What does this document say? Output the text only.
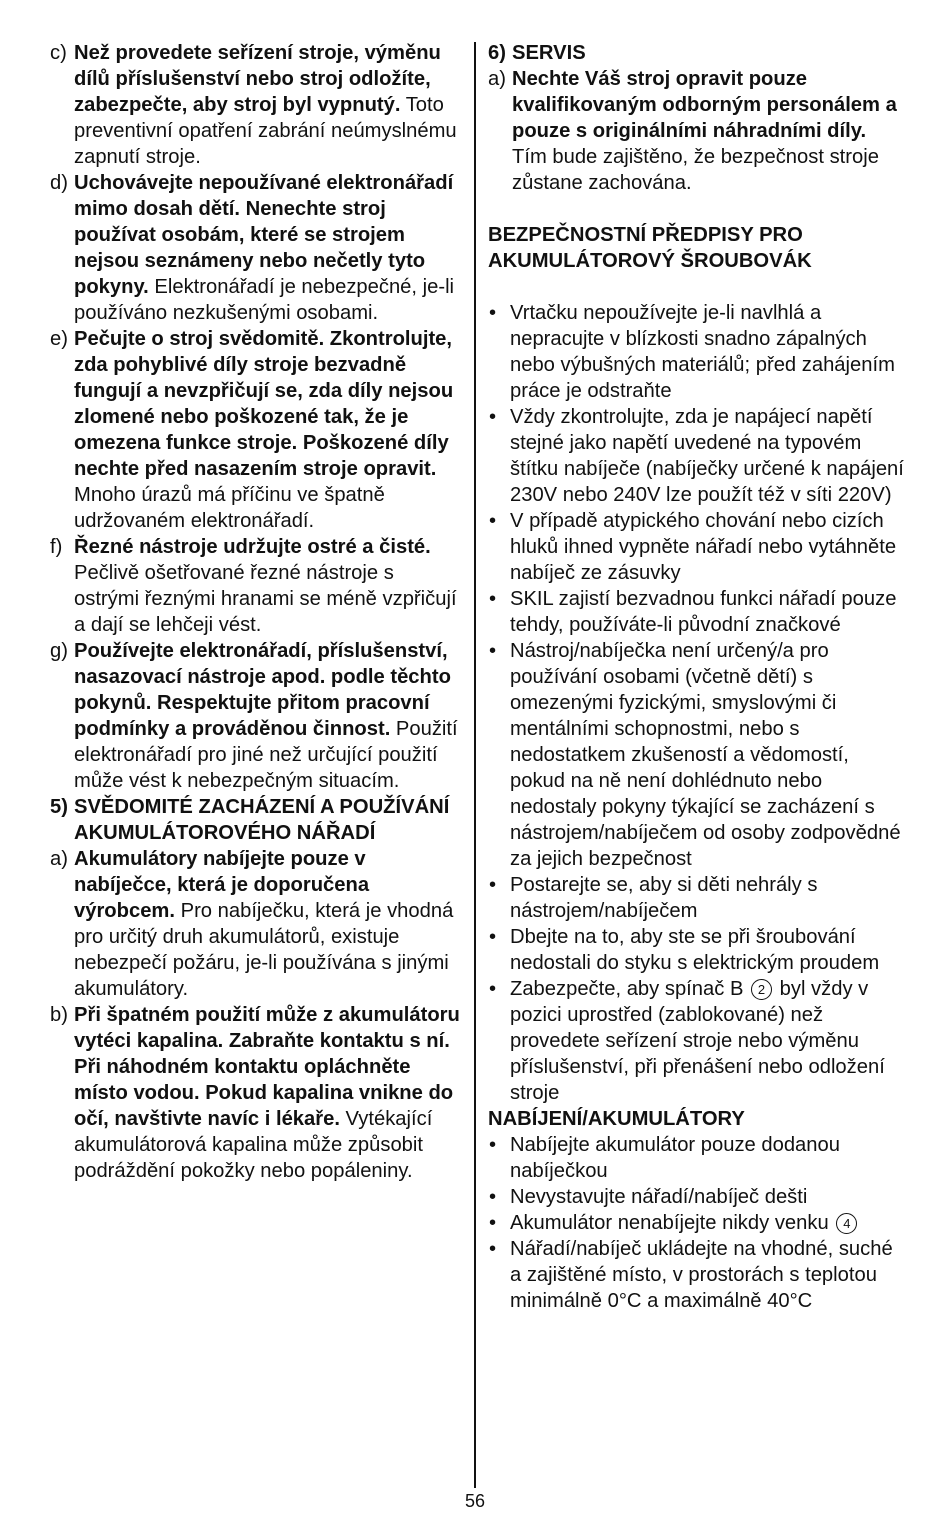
c) Než provedete seřízení stroje, výměnu dílů příslušenství nebo stroj odložíte, zabezpečte, aby stroj byl vypnutý. Toto preventivní opatření zabrání neúmyslnému zapnutí stroje.
d) Uchovávejte nepoužívané elektronářadí mimo dosah dětí. Nenechte stroj používat osobám, které se strojem nejsou seznámeny nebo nečetly tyto pokyny. Elektronářadí je nebezpečné, je-li používáno nezkušenými osobami.
e) Pečujte o stroj svědomitě. Zkontrolujte, zda pohyblivé díly stroje bezvadně fungují a nevzpřičují se, zda díly nejsou zlomené nebo poškozené tak, že je omezena funkce stroje. Poškozené díly nechte před nasazením stroje opravit. Mnoho úrazů má příčinu ve špatně udržovaném elektronářadí.
f) Řezné nástroje udržujte ostré a čisté. Pečlivě ošetřované řezné nástroje s ostrými řeznými hranami se méně vzpřičují a dají se lehčeji vést.
g) Používejte elektronářadí, příslušenství, nasazovací nástroje apod. podle těchto pokynů. Respektujte přitom pracovní podmínky a prováděnou činnost. Použití elektronářadí pro jiné než určující použití může vést k nebezpečným situacím.
5) SVĚDOMITÉ ZACHÁZENÍ A POUŽÍVÁNÍ AKUMULÁTOROVÉHO NÁŘADÍ
a) Akumulátory nabíjejte pouze v nabíječce, která je doporučena výrobcem. Pro nabíječku, která je vhodná pro určitý druh akumulátorů, existuje nebezpečí požáru, je-li používána s jinými akumulátory.
b) Při špatném použití může z akumulátoru vytéci kapalina. Zabraňte kontaktu s ní.
Při náhodném kontaktu opláchněte místo vodou. Pokud kapalina vnikne do očí, navštivte navíc i lékaře. Vytékající akumulátorová kapalina může způsobit podráždění pokožky nebo popáleniny.
6) SERVIS
a) Nechte Váš stroj opravit pouze kvalifikovaným odborným personálem a pouze s originálními náhradními díly. Tím bude zajištěno, že bezpečnost stroje zůstane zachována.

BEZPEČNOSTNÍ PŘEDPISY PRO AKUMULÁTOROVÝ ŠROUBOVÁK

• Vrtačku nepoužívejte je-li navlhlá a nepracujte v blízkosti snadno zápalných nebo výbušných materiálů; před zahájením práce je odstraňte
• Vždy zkontrolujte, zda je napájecí napětí stejné jako napětí uvedené na typovém štítku nabíječe (nabíječky určené k napájení 230V nebo 240V lze použít též v síti 220V)
• V případě atypického chování nebo cizích hluků ihned vypněte nářadí nebo vytáhněte nabíječ ze zásuvky
• SKIL zajistí bezvadnou funkci nářadí pouze tehdy, používáte-li původní značkové
• Nástroj/nabíječka není určený/a pro používání osobami (včetně dětí) s omezenými fyzickými, smyslovými či mentálními schopnostmi, nebo s nedostatkem zkušeností a vědomostí, pokud na ně není dohlédnuto nebo nedostaly pokyny týkající se zacházení s nástrojem/nabíječem od osoby zodpovědné za jejich bezpečnost
• Postarejte se, aby si děti nehrály s nástrojem/nabíječem
• Dbejte na to, aby ste se při šroubování nedostali do styku s elektrickým proudem
• Zabezpečte, aby spínač B 2 byl vždy v pozici uprostřed (zablokované) než provedete seřízení stroje nebo výměnu příslušenství, při přenášení nebo odložení stroje

NABÍJENÍ/AKUMULÁTORY

• Nabíjejte akumulátor pouze dodanou nabíječkou
• Nevystavujte nářadí/nabíječ dešti
• Akumulátor nenabíjejte nikdy venku 4
• Nářadí/nabíječ ukládejte na vhodné, suché a zajištěné místo, v prostorách s teplotou minimálně 0°C a maximálně 40°C
56
